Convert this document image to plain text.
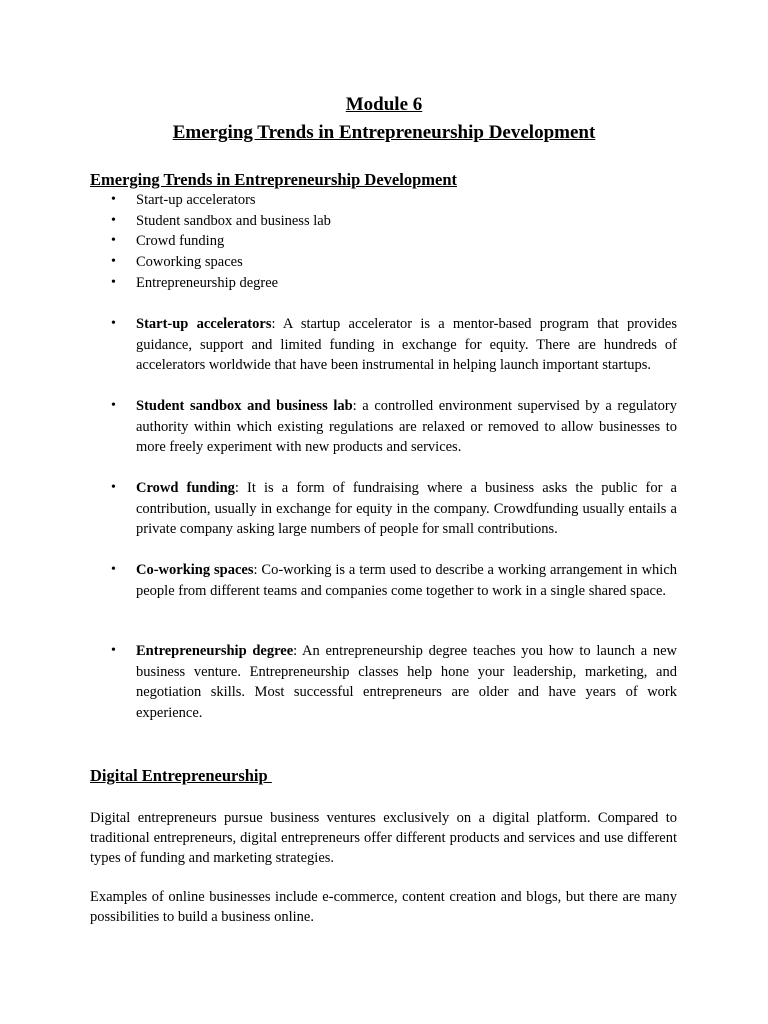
Module 6
Emerging Trends in Entrepreneurship Development
Emerging Trends in Entrepreneurship Development
• Start-up accelerators
• Student sandbox and business lab
• Crowd funding
• Coworking spaces
• Entrepreneurship degree
• Start-up accelerators: A startup accelerator is a mentor-based program that provides guidance, support and limited funding in exchange for equity. There are hundreds of accelerators worldwide that have been instrumental in helping launch important startups.
• Student sandbox and business lab: a controlled environment supervised by a regulatory authority within which existing regulations are relaxed or removed to allow businesses to more freely experiment with new products and services.
• Crowd funding: It is a form of fundraising where a business asks the public for a contribution, usually in exchange for equity in the company. Crowdfunding usually entails a private company asking large numbers of people for small contributions.
• Co-working spaces: Co-working is a term used to describe a working arrangement in which people from different teams and companies come together to work in a single shared space.
• Entrepreneurship degree: An entrepreneurship degree teaches you how to launch a new business venture. Entrepreneurship classes help hone your leadership, marketing, and negotiation skills. Most successful entrepreneurs are older and have years of work experience.
Digital Entrepreneurship
Digital entrepreneurs pursue business ventures exclusively on a digital platform. Compared to traditional entrepreneurs, digital entrepreneurs offer different products and services and use different types of funding and marketing strategies.
Examples of online businesses include e-commerce, content creation and blogs, but there are many possibilities to build a business online.
